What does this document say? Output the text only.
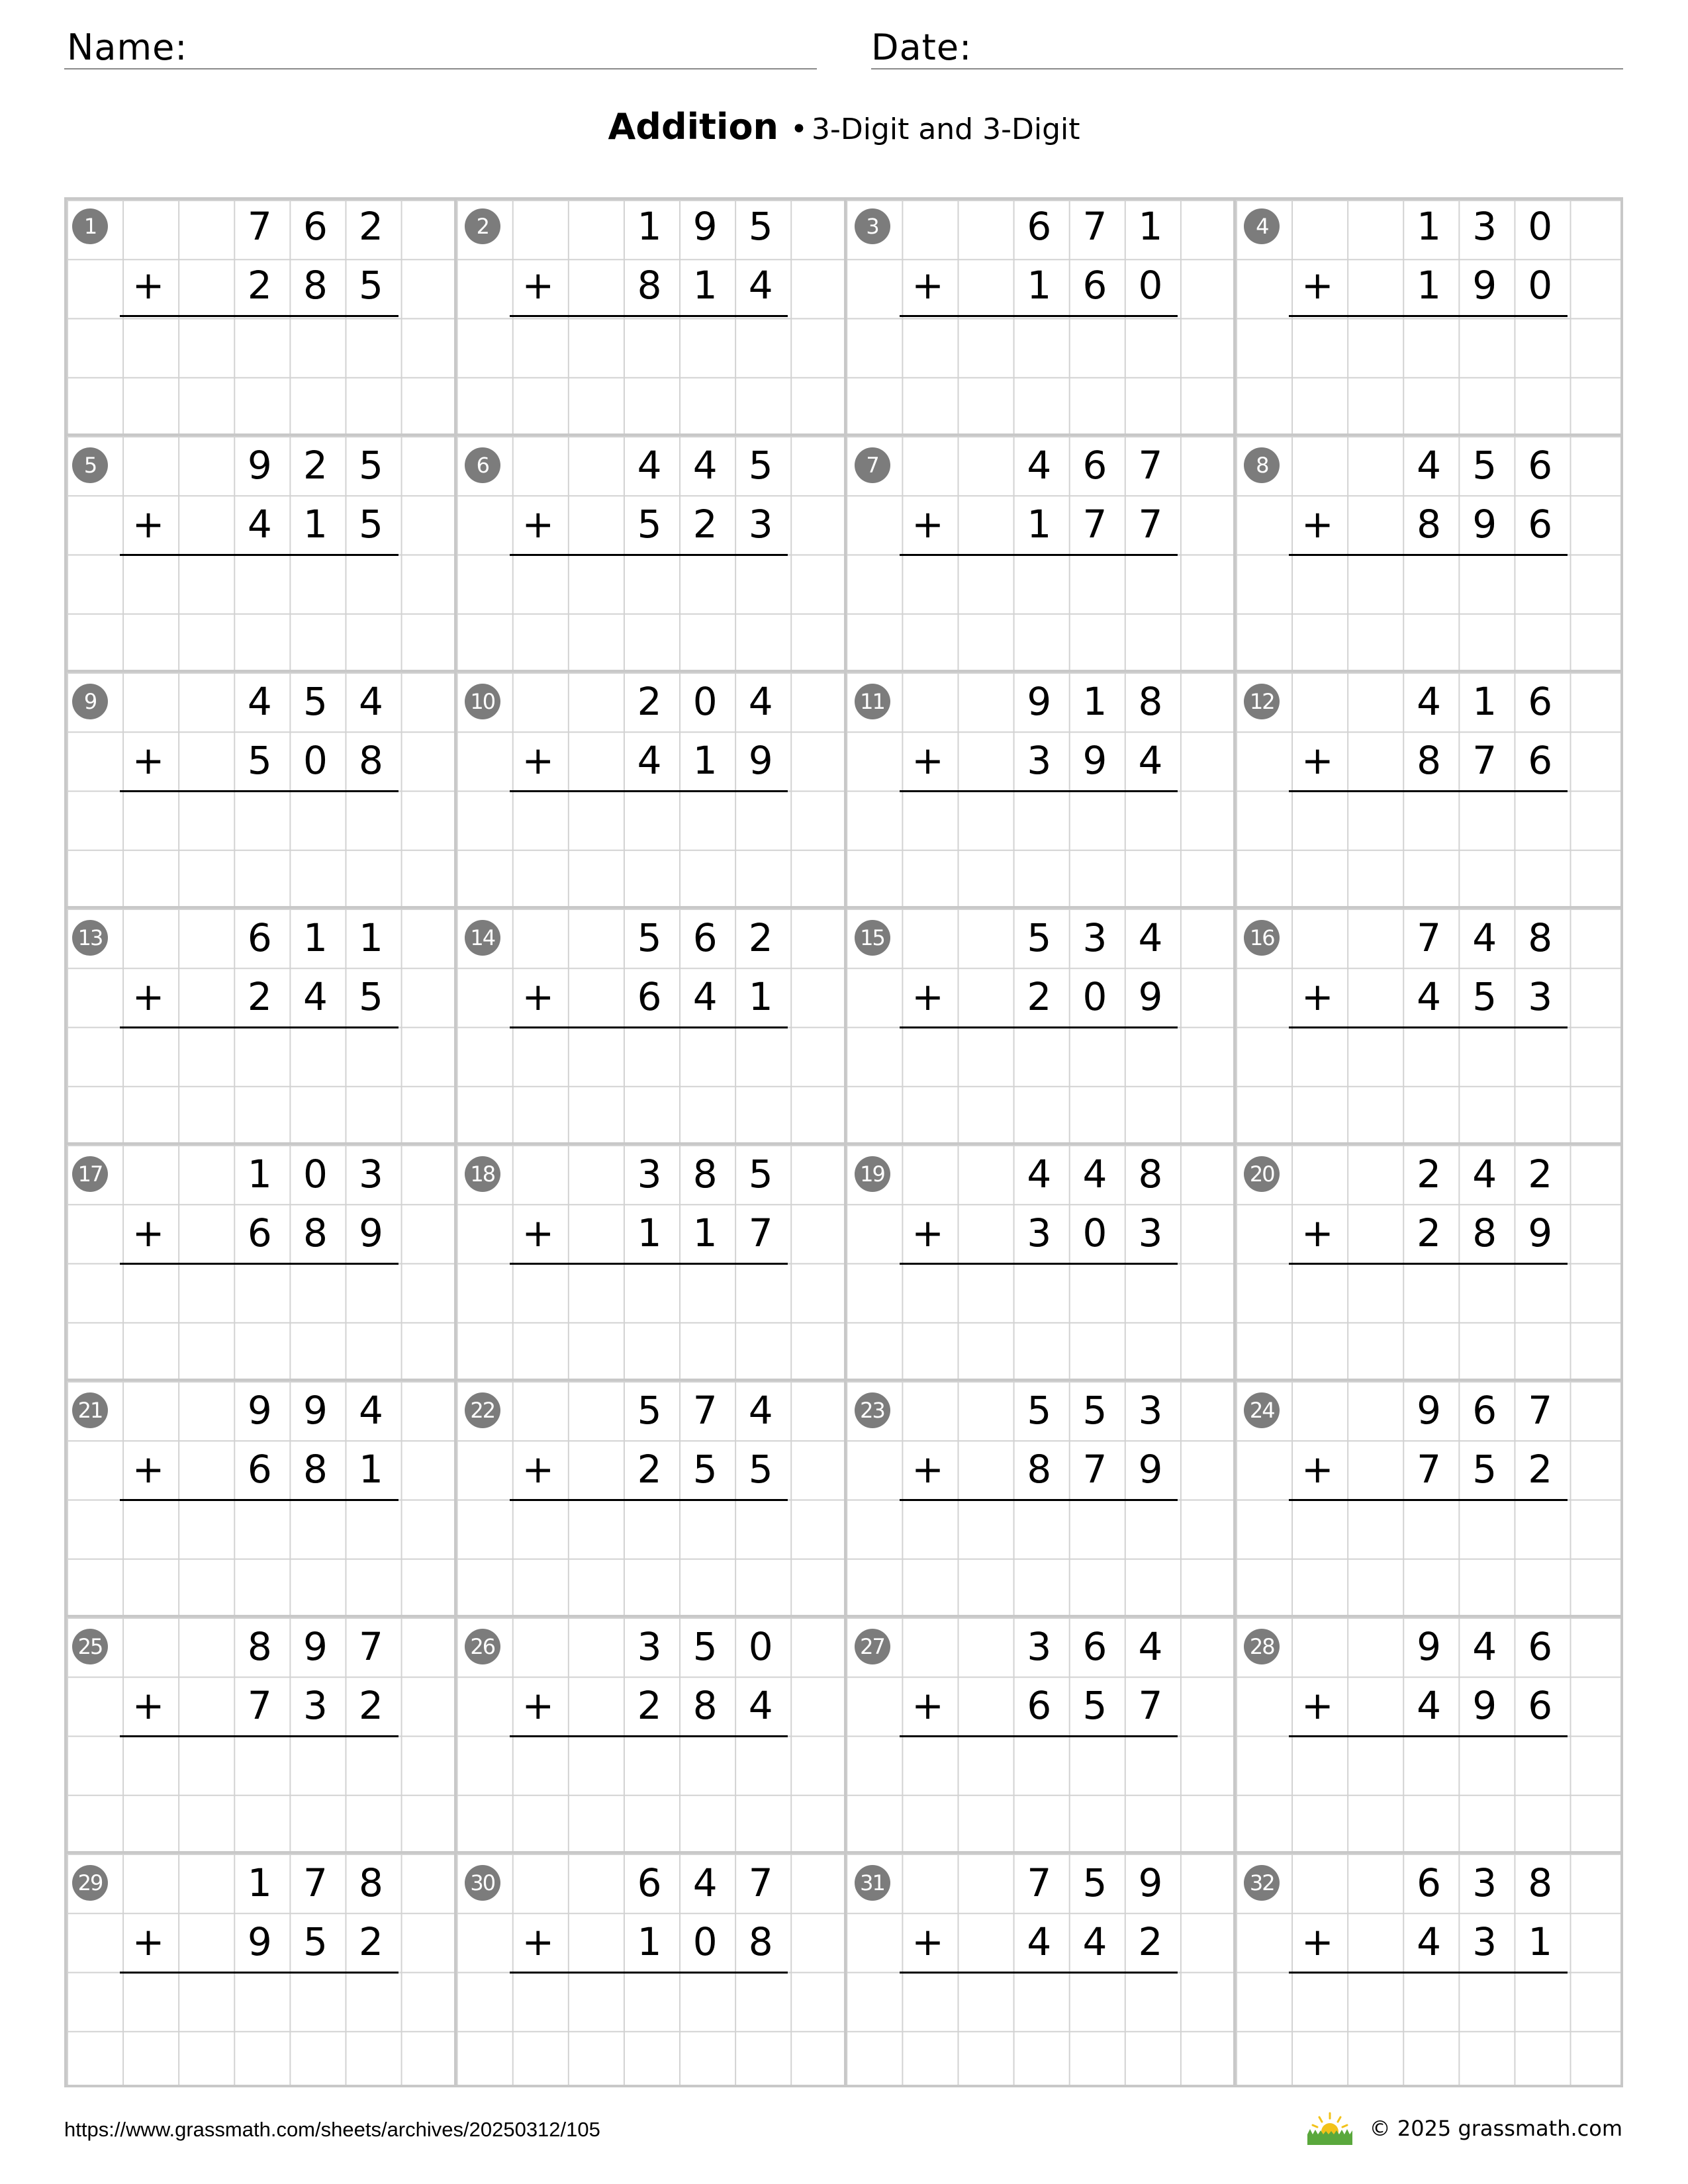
Name:	Date:
Addition • 3-Digit and 3-Digit
1	7 6 2
2 8 5
+
2	1 9 5
8 1 4
+
3	6 7 1
1 6 0
+
4	1 3 0
1 9 0
+
5	9 2 5
4 1 5
+
6	4 4 5
5 2 3
+
7	4 6 7
1 7 7
+
8	4 5 6
8 9 6
+
9	4 5 4
5 0 8
+
10	2 0 4
4 1 9
+
11	9 1 8
3 9 4
+
12	4 1 6
8 7 6
+
13	6 1 1
2 4 5
+
14	5 6 2
6 4 1
+
15	5 3 4
2 0 9
+
16	7 4 8
4 5 3
+
17	1 0 3
6 8 9
+
18	3 8 5
1 1 7
+
19	4 4 8
3 0 3
+
20	2 4 2
2 8 9
+
21	9 9 4
6 8 1
+
22	5 7 4
2 5 5
+
23	5 5 3
8 7 9
+
24	9 6 7
7 5 2
+
25	8 9 7
7 3 2
+
26	3 5 0
2 8 4
+
27	3 6 4
6 5 7
+
28	9 4 6
4 9 6
+
29	1 7 8
9 5 2
+
30	6 4 7
1 0 8
+
31	7 5 9
4 4 2
+
32	6 3 8
4 3 1
+
https://www.grassmath.com/sheets/archives/20250312/105	© 2025 grassmath.com
